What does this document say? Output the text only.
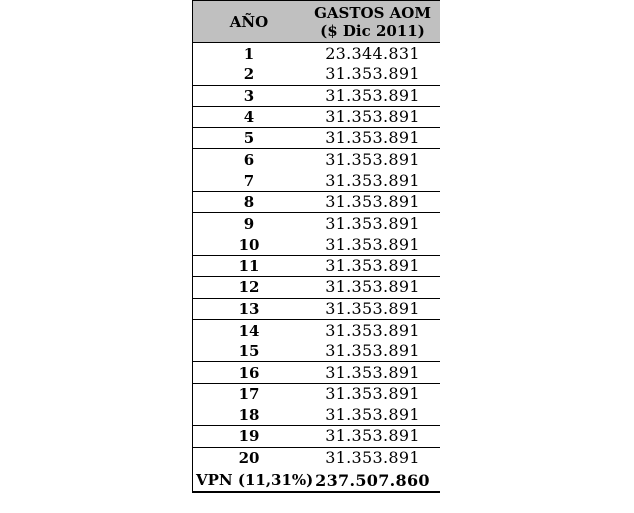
AÑO	GASTOS AOM
($ Dic 2011)
1	23.344.831
2	31.353.891
3	31.353.891
4	31.353.891
5	31.353.891
6	31.353.891
7	31.353.891
8	31.353.891
9	31.353.891
10	31.353.891
11	31.353.891
12	31.353.891
13	31.353.891
14	31.353.891
15	31.353.891
16	31.353.891
17	31.353.891
18	31.353.891
19	31.353.891
20	31.353.891
VPN (11,31%) 237.507.860
